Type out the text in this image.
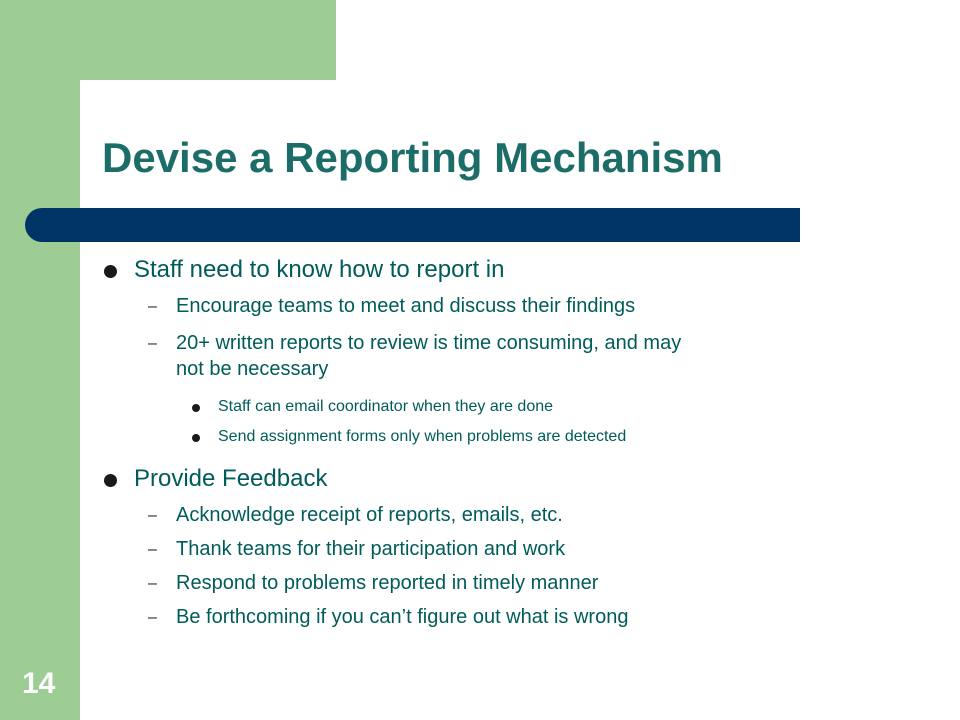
Devise a Reporting Mechanism
Staff need to know how to report in
– Encourage teams to meet and discuss their findings
– 20+ written reports to review is time consuming, and may
not be necessary
Staff can email coordinator when they are done
Send assignment forms only when problems are detected
Provide Feedback
– Acknowledge receipt of reports, emails, etc.
– Thank teams for their participation and work
– Respond to problems reported in timely manner
– Be forthcoming if you can’t figure out what is wrong
14
